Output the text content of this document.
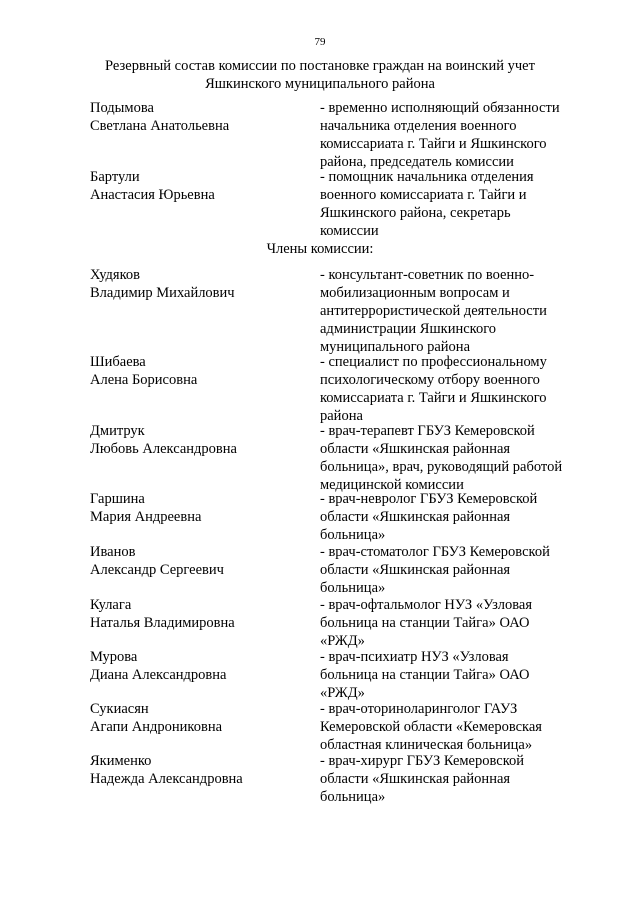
79
Резервный состав комиссии по постановке граждан на воинский учет
Яшкинского муниципального района
Подымова
Светлана Анатольевна
- временно исполняющий обязанности
начальника отделения военного
комиссариата г. Тайги и Яшкинского
района, председатель комиссии
Бартули
Анастасия Юрьевна
- помощник начальника отделения
военного комиссариата г. Тайги и
Яшкинского района, секретарь
комиссии
Члены комиссии:
Худяков
Владимир Михайлович
- консультант-советник по военно-
мобилизационным вопросам и
антитеррористической деятельности
администрации Яшкинского
муниципального района
Шибаева
Алена Борисовна
- специалист по профессиональному
психологическому отбору военного
комиссариата г. Тайги и Яшкинского
района
Дмитрук
Любовь Александровна
- врач-терапевт ГБУЗ Кемеровской
области «Яшкинская районная
больница», врач, руководящий работой
медицинской комиссии
Гаршина
Мария Андреевна
- врач-невролог ГБУЗ Кемеровской
области «Яшкинская районная
больница»
Иванов
Александр Сергеевич
- врач-стоматолог ГБУЗ Кемеровской
области «Яшкинская районная
больница»
Кулага
Наталья Владимировна
- врач-офтальмолог НУЗ «Узловая
больница на станции Тайга» ОАО
«РЖД»
Мурова
Диана Александровна
- врач-психиатр НУЗ «Узловая
больница на станции Тайга» ОАО
«РЖД»
Сукиасян
Агапи Андрониковна
- врач-оториноларинголог ГАУЗ
Кемеровской области «Кемеровская
областная клиническая больница»
Якименко
Надежда Александровна
- врач-хирург ГБУЗ Кемеровской
области «Яшкинская районная
больница»
